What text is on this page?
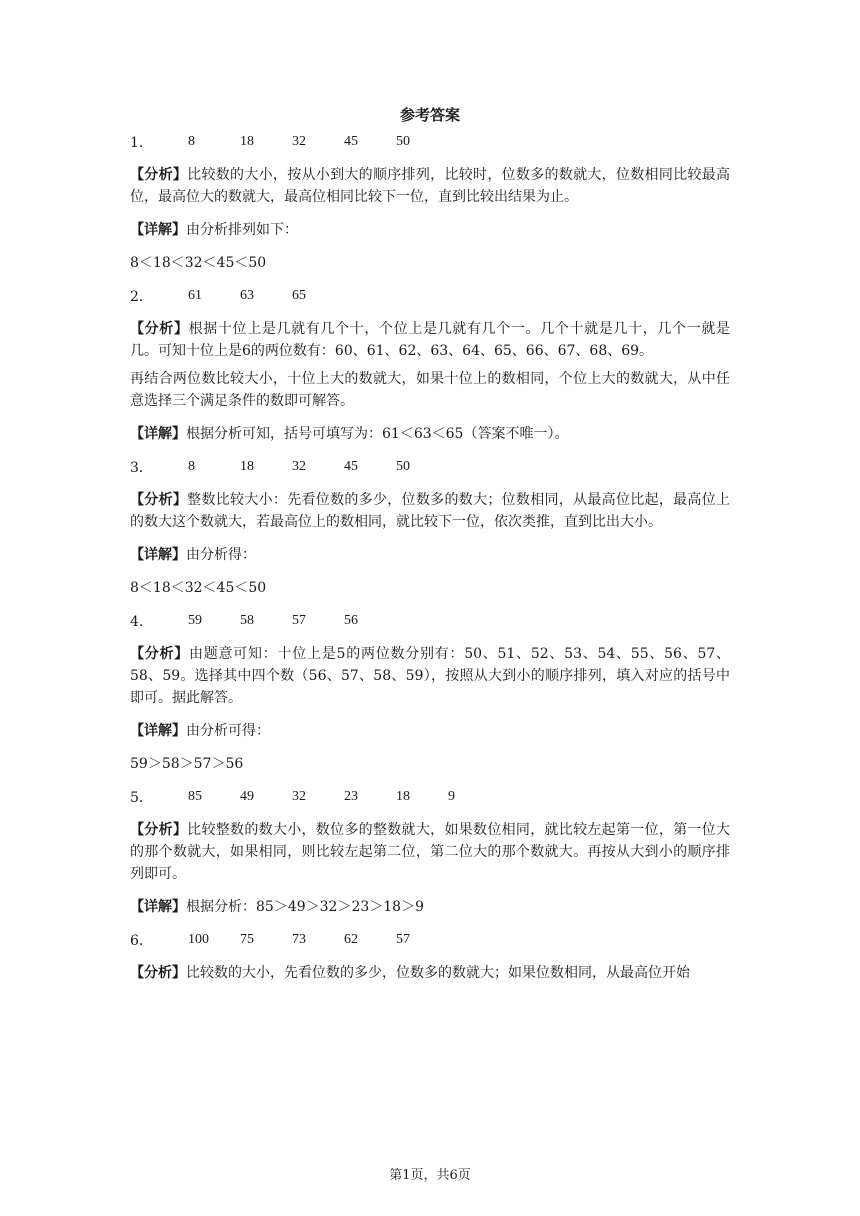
参考答案
1．	8	18	32	45	50

【分析】比较数的大小，按从小到大的顺序排列，比较时，位数多的数就大，位数相同比较最高位，最高位大的数就大，最高位相同比较下一位，直到比较出结果为止。

【详解】由分析排列如下：

8＜18＜32＜45＜50

2．	61	63	65

【分析】根据十位上是几就有几个十，个位上是几就有几个一。几个十就是几十，几个一就是几。可知十位上是6的两位数有：60、61、62、63、64、65、66、67、68、69。

再结合两位数比较大小，十位上大的数就大，如果十位上的数相同，个位上大的数就大，从中任意选择三个满足条件的数即可解答。

【详解】根据分析可知，括号可填写为：61＜63＜65（答案不唯一）。

3．	8	18	32	45	50

【分析】整数比较大小：先看位数的多少，位数多的数大；位数相同，从最高位比起，最高位上的数大这个数就大，若最高位上的数相同，就比较下一位，依次类推，直到比出大小。

【详解】由分析得：

8＜18＜32＜45＜50

4．	59	58	57	56

【分析】由题意可知：十位上是5的两位数分别有：50、51、52、53、54、55、56、57、58、59。选择其中四个数（56、57、58、59），按照从大到小的顺序排列，填入对应的括号中即可。据此解答。

【详解】由分析可得：

59＞58＞57＞56

5．	85	49	32	23	18	9

【分析】比较整数的数大小，数位多的整数就大，如果数位相同，就比较左起第一位，第一位大的那个数就大，如果相同，则比较左起第二位，第二位大的那个数就大。再按从大到小的顺序排列即可。

【详解】根据分析：85＞49＞32＞23＞18＞9

6．	100	75	73	62	57

【分析】比较数的大小，先看位数的多少，位数多的数就大；如果位数相同，从最高位开始

第1页，共6页
